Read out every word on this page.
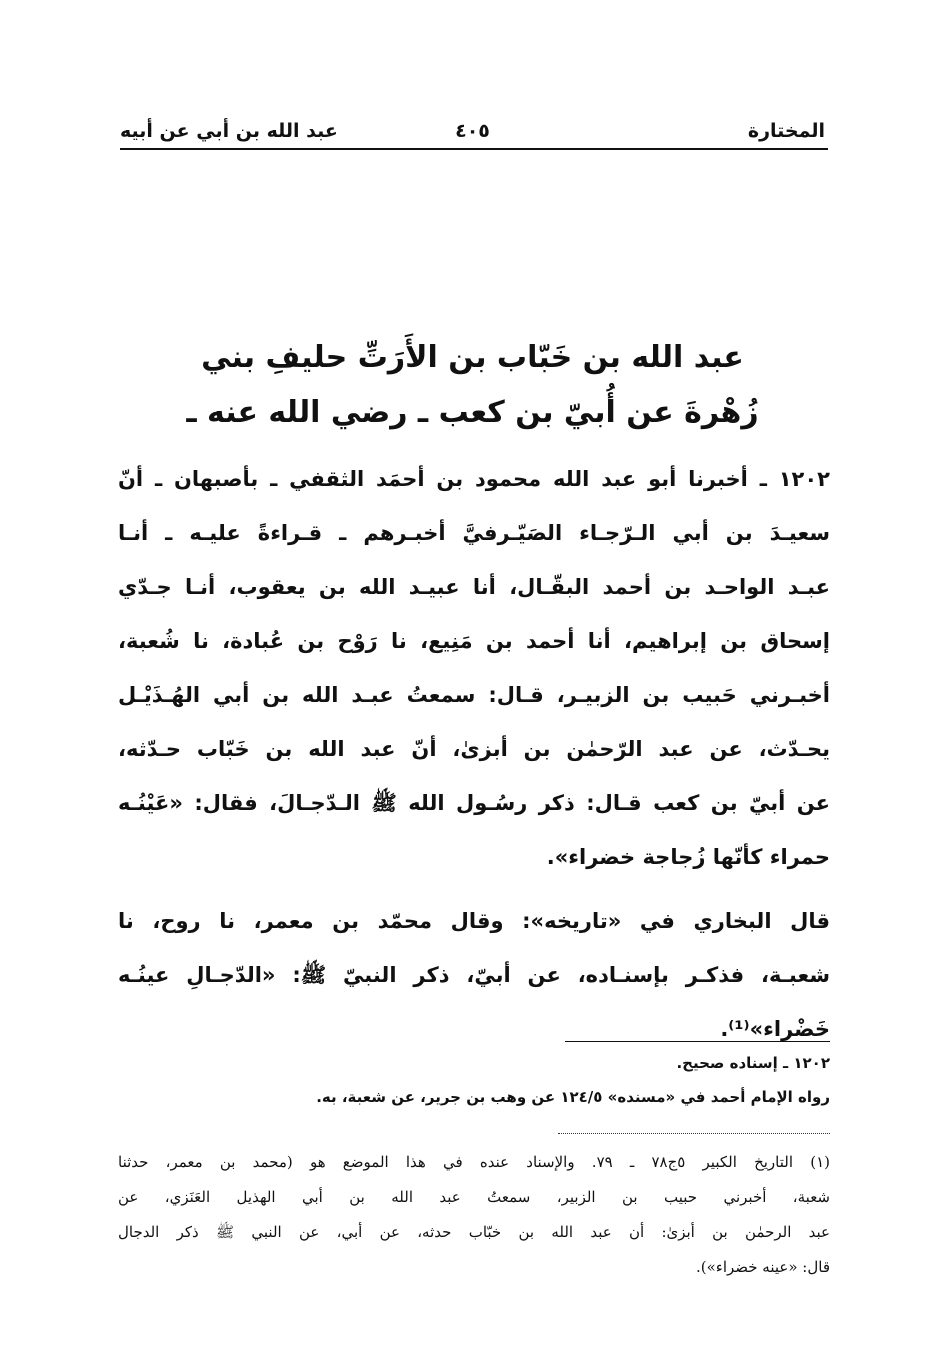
المختارة
٤٠٥
عبد الله بن أبي عن أبيه
عبد الله بن خَبّاب بن الأَرَتِّ حليفِ بني
زُهْرةَ عن أُبيّ بن كعب ـ رضي الله عنه ـ
١٢٠٢ ـ أخبرنا أبو عبد الله محمود بن أحمَد الثقفي ـ بأصبهان ـ أنّ
سعيـدَ بن أبي الـرّجـاء الصَيّـرفيَّ أخبـرهم ـ قـراءةً عليـه ـ أنـا
عبـد الواحـد بن أحمد البقّـال، أنا عبيـد الله بن يعقوب، أنـا جـدّي
إسحاق بن إبراهيم، أنا أحمد بن مَنِيع، نا رَوْح بن عُبادة، نا شُعبة،
أخبـرني حَبيب بن الزبيـر، قـال: سمعتُ عبـد الله بن أبي الهُـذَيْـل
يحـدّث، عن عبد الرّحمٰن بن أبزىٰ، أنّ عبد الله بن خَبّاب حـدّثه،
عن أبيّ بن كعب قـال: ذكر رسُـول الله ﷺ الـدّجـالَ، فقال: «عَيْنُـه
حمراء كأنّها زُجاجة خضراء».
قال البخاري في «تاريخه»: وقال محمّد بن معمر، نا روح، نا
شعبـة، فذكـر بإسنـاده، عن أبيّ، ذكر النبيّ ﷺ: «الدّجـالِ عينُـه
خَضْراء»⁽¹⁾.
١٢٠٢ ـ إسناده صحيح.
رواه الإمام أحمد في «مسنده» ١٢٤/٥ عن وهب بن جرير، عن شعبة، به.
(١) التاريخ الكبير ٥ج٧٨ ـ ٧٩. والإسناد عنده في هذا الموضع هو (محمد بن معمر، حدثنا
شعبة، أخبرني حبيب بن الزبير، سمعتُ عبد الله بن أبي الهذيل العَنَزي، عن
عبد الرحمٰن بن أبزىٰ: أن عبد الله بن خبّاب حدثه، عن أبي، عن النبي ﷺ ذكر الدجال
قال: «عينه خضراء»).
